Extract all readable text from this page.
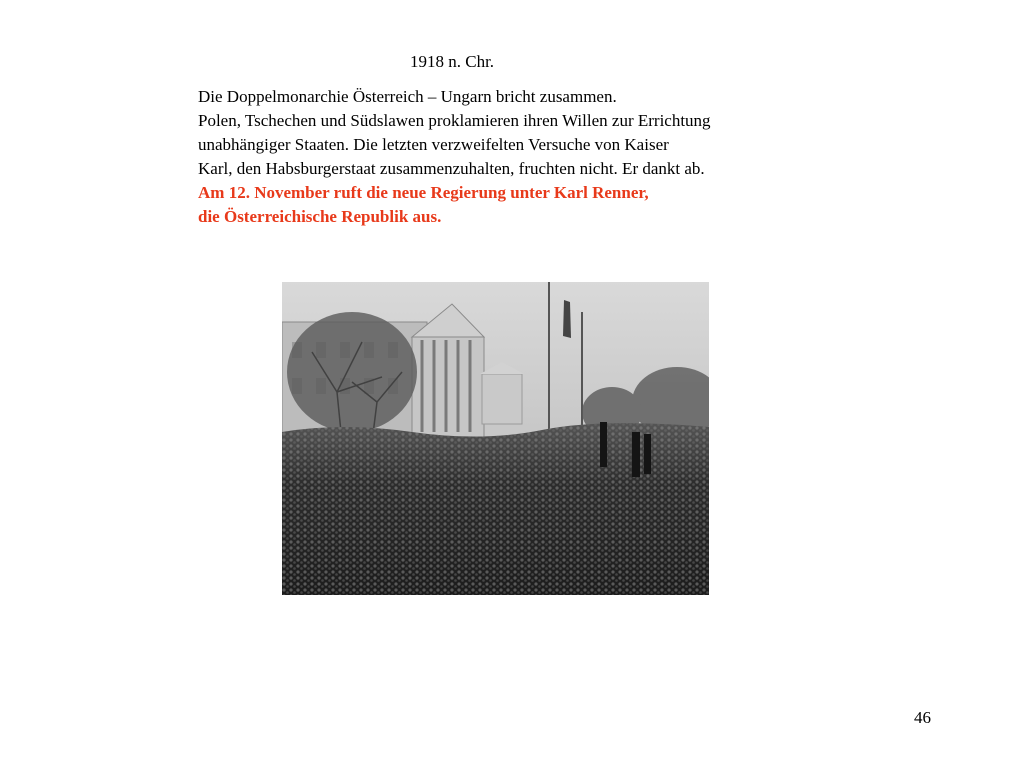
1918 n. Chr.
Die Doppelmonarchie Österreich – Ungarn bricht zusammen.
Polen, Tschechen und Südslawen proklamieren ihren Willen zur Errichtung
unabhängiger Staaten. Die letzten verzweifelten Versuche von Kaiser
Karl, den Habsburgerstaat zusammenzuhalten, fruchten nicht. Er dankt ab.
Am 12. November ruft die neue Regierung unter Karl Renner,
die Österreichische Republik aus.
46
